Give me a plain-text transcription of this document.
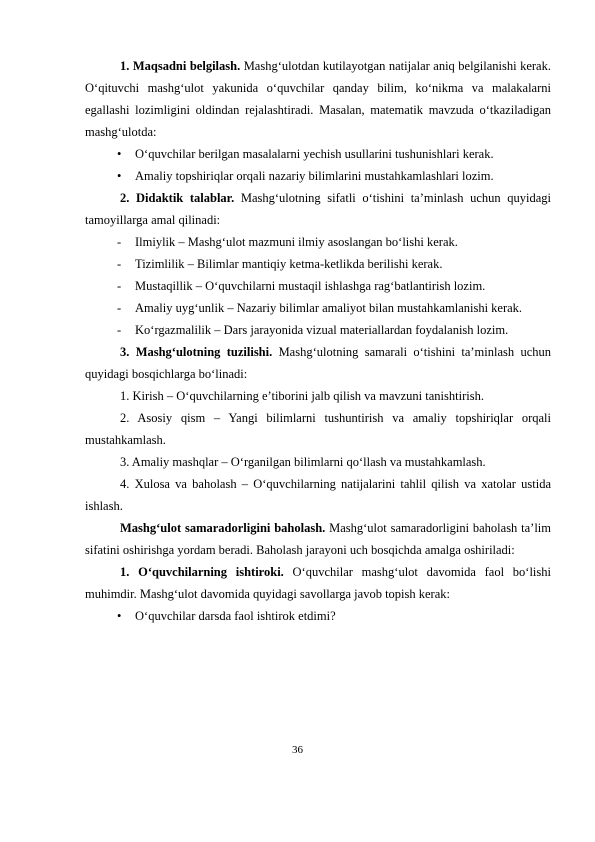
1. Maqsadni belgilash. Mashg‘ulotdan kutilayotgan natijalar aniq belgilanishi kerak. O‘qituvchi mashg‘ulot yakunida o‘quvchilar qanday bilim, ko‘nikma va malakalarni egallashi lozimligini oldindan rejalashtiradi. Masalan, matematik mavzuda o‘tkaziladigan mashg‘ulotda:

•	O‘quvchilar berilgan masalalarni yechish usullarini tushunishlari kerak.
•	Amaliy topshiriqlar orqali nazariy bilimlarini mustahkamlashlari lozim.

2. Didaktik talablar. Mashg‘ulotning sifatli o‘tishini ta’minlash uchun quyidagi tamoyillarga amal qilinadi:

-	Ilmiylik – Mashg‘ulot mazmuni ilmiy asoslangan bo‘lishi kerak.
-	Tizimlilik – Bilimlar mantiqiy ketma-ketlikda berilishi kerak.
-	Mustaqillik – O‘quvchilarni mustaqil ishlashga rag‘batlantirish lozim.
-	Amaliy uyg‘unlik – Nazariy bilimlar amaliyot bilan mustahkamlanishi kerak.
-	Ko‘rgazmalilik – Dars jarayonida vizual materiallardan foydalanish lozim.

3. Mashg‘ulotning tuzilishi. Mashg‘ulotning samarali o‘tishini ta’minlash uchun quyidagi bosqichlarga bo‘linadi:

1. Kirish – O‘quvchilarning e’tiborini jalb qilish va mavzuni tanishtirish.

2. Asosiy qism – Yangi bilimlarni tushuntirish va amaliy topshiriqlar orqali mustahkamlash.

3. Amaliy mashqlar – O‘rganilgan bilimlarni qo‘llash va mustahkamlash.

4. Xulosa va baholash – O‘quvchilarning natijalarini tahlil qilish va xatolar ustida ishlash.

Mashg‘ulot samaradorligini baholash. Mashg‘ulot samaradorligini baholash ta’lim sifatini oshirishga yordam beradi. Baholash jarayoni uch bosqichda amalga oshiriladi:

1. O‘quvchilarning ishtiroki. O‘quvchilar mashg‘ulot davomida faol bo‘lishi muhimdir. Mashg‘ulot davomida quyidagi savollarga javob topish kerak:

•	O‘quvchilar darsda faol ishtirok etdimi?
36
